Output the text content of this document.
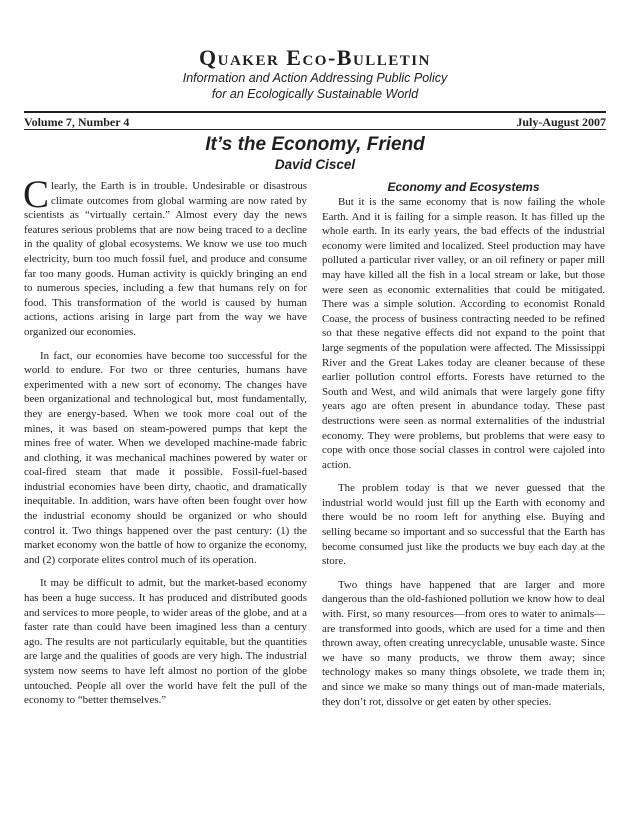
Quaker Eco-Bulletin
Information and Action Addressing Public Policy
for an Ecologically Sustainable World
Volume 7, Number 4	July-August 2007
It’s the Economy, Friend
David Ciscel

Clearly, the Earth is in trouble. Undesirable or disastrous climate outcomes from global warming are now rated by scientists as “virtually certain.” Almost every day the news features serious problems that are now being traced to a decline in the quality of global ecosystems. We know we use too much electricity, burn too much fossil fuel, and produce and consume far too many goods. Human activity is quickly bringing an end to numerous species, including a few that humans rely on for food. This transformation of the world is caused by human actions, actions arising in large part from the way we have organized our economies.

In fact, our economies have become too successful for the world to endure. For two or three centuries, humans have experimented with a new sort of economy. The changes have been organizational and technological but, most fundamentally, they are energy-based. When we took more coal out of the mines, it was based on steam-powered pumps that kept the mines free of water. When we developed machine-made fabric and clothing, it was mechanical machines powered by water or coal-fired steam that made it possible. Fossil-fuel-based industrial economies have been dirty, chaotic, and dramatically inequitable. In addition, wars have often been fought over how the industrial economy should be organized or who should control it. Two things happened over the past century: (1) the market economy won the battle of how to organize the economy, and (2) corporate elites control much of its operation.

It may be difficult to admit, but the market-based economy has been a huge success. It has produced and distributed goods and services to more people, to wider areas of the globe, and at a faster rate than could have been imagined less than a century ago. The results are not particularly equitable, but the quantities are large and the qualities of goods are very high. The industrial system now seems to have left almost no portion of the globe untouched. People all over the world have felt the pull of the economy to “better themselves.”

Economy and Ecosystems

But it is the same economy that is now failing the whole Earth. And it is failing for a simple reason. It has filled up the whole earth. In its early years, the bad effects of the industrial economy were limited and localized. Steel production may have polluted a particular river valley, or an oil refinery or paper mill may have killed all the fish in a local stream or lake, but those were seen as economic externalities that could be mitigated. There was a simple solution. According to economist Ronald Coase, the process of business contracting needed to be refined so that these negative effects did not expand to the point that large segments of the population were affected. The Mississippi River and the Great Lakes today are cleaner because of these earlier pollution control efforts. Forests have returned to the South and West, and wild animals that were largely gone fifty years ago are often present in abundance today. These past destructions were seen as normal externalities of the industrial economy. They were problems, but problems that were easy to cope with once those social classes in control were cajoled into action.

The problem today is that we never guessed that the industrial world would just fill up the Earth with economy and there would be no room left for anything else. Buying and selling became so important and so successful that the Earth has become consumed just like the products we buy each day at the store.

Two things have happened that are larger and more dangerous than the old-fashioned pollution we know how to deal with. First, so many resources—from ores to water to animals—are transformed into goods, which are used for a time and then thrown away, often creating unrecyclable, unusable waste. Since we have so many products, we throw them away; since technology makes so many things obsolete, we trade them in; and since we make so many things out of man-made materials, they don’t rot, dissolve or get eaten by other species.
